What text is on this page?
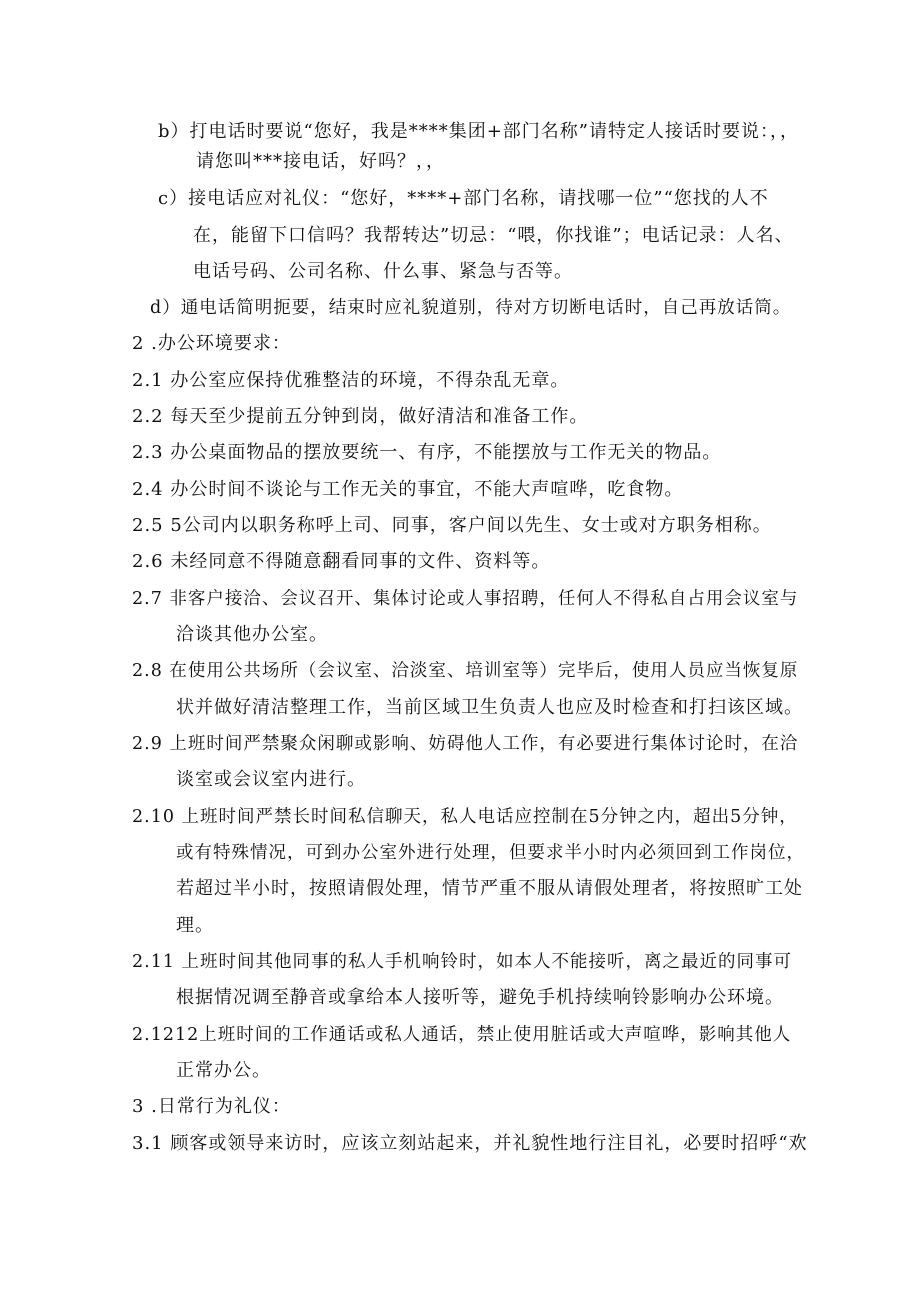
b）打电话时要说“您好，我是****集团+部门名称”请特定人接话时要说：，，
请您叫***接电话，好吗？，，
c）接电话应对礼仪：“您好，****+部门名称，请找哪一位”“您找的人不
在，能留下口信吗？我帮转达”切忌：“喂，你找谁”；电话记录：人名、
电话号码、公司名称、什么事、紧急与否等。
d）通电话简明扼要，结束时应礼貌道别，待对方切断电话时，自己再放话筒。
2 .办公环境要求：
2.1 办公室应保持优雅整洁的环境，不得杂乱无章。
2.2 每天至少提前五分钟到岗，做好清洁和准备工作。
2.3 办公桌面物品的摆放要统一、有序，不能摆放与工作无关的物品。
2.4 办公时间不谈论与工作无关的事宜，不能大声喧哗，吃食物。
2.5 5公司内以职务称呼上司、同事，客户间以先生、女士或对方职务相称。
2.6 未经同意不得随意翻看同事的文件、资料等。
2.7 非客户接洽、会议召开、集体讨论或人事招聘，任何人不得私自占用会议室与
洽谈其他办公室。
2.8 在使用公共场所（会议室、洽淡室、培训室等）完毕后，使用人员应当恢复原
状并做好清洁整理工作，当前区域卫生负责人也应及时检查和打扫该区域。
2.9 上班时间严禁聚众闲聊或影响、妨碍他人工作，有必要进行集体讨论时，在洽
谈室或会议室内进行。
2.10 上班时间严禁长时间私信聊天，私人电话应控制在5分钟之内，超出5分钟，
或有特殊情况，可到办公室外进行处理，但要求半小时内必须回到工作岗位，
若超过半小时，按照请假处理，情节严重不服从请假处理者，将按照旷工处
理。
2.11 上班时间其他同事的私人手机响铃时，如本人不能接听，离之最近的同事可
根据情况调至静音或拿给本人接听等，避免手机持续响铃影响办公环境。
2.1212上班时间的工作通话或私人通话，禁止使用脏话或大声喧哗，影响其他人
正常办公。
3 .日常行为礼仪：
3.1 顾客或领导来访时，应该立刻站起来，并礼貌性地行注目礼，必要时招呼“欢
